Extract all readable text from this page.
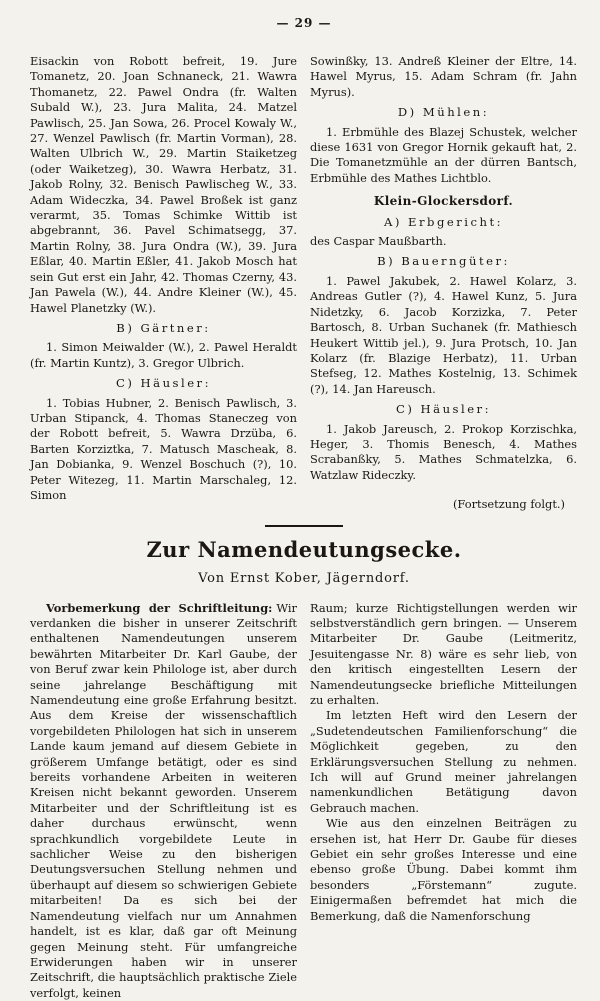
— 29 —

Eisackin von Robott befreit, 19. Jure Tomanetz, 20. Joan Schnaneck, 21. Wawra Thomanetz, 22. Pawel Ondra (fr. Walten Subald W.), 23. Jura Malita, 24. Matzel Pawlisch, 25. Jan Sowa, 26. Procel Kowaly W., 27. Wenzel Pawlisch (fr. Martin Vorman), 28. Walten Ulbrich W., 29. Martin Staiketzeg (oder Waiketzeg), 30. Wawra Herbatz, 31. Jakob Rolny, 32. Benisch Pawlischeg W., 33. Adam Wideczka, 34. Pawel Broßek ist ganz verarmt, 35. Tomas Schimke Wittib ist abgebrannt, 36. Pavel Schimatsegg, 37. Martin Rolny, 38. Jura Ondra (W.), 39. Jura Eßlar, 40. Martin Eßler, 41. Jakob Mosch hat sein Gut erst ein Jahr, 42. Thomas Czerny, 43. Jan Pawela (W.), 44. Andre Kleiner (W.), 45. Hawel Planetzky (W.).

B) Gärtner:

1. Simon Meiwalder (W.), 2. Pawel Heraldt (fr. Martin Kuntz), 3. Gregor Ulbrich.

C) Häusler:

1. Tobias Hubner, 2. Benisch Pawlisch, 3. Urban Stipanck, 4. Thomas Staneczeg von der Robott befreit, 5. Wawra Drzüba, 6. Barten Korziztka, 7. Matusch Mascheak, 8. Jan Dobianka, 9. Wenzel Boschuch (?), 10. Peter Witezeg, 11. Martin Marschaleg, 12. Simon

Sowinßky, 13. Andreß Kleiner der Eltre, 14. Hawel Myrus, 15. Adam Schram (fr. Jahn Myrus).

D) Mühlen:

1. Erbmühle des Blazej Schustek, welcher diese 1631 von Gregor Hornik gekauft hat, 2. Die Tomanetzmühle an der dürren Bantsch, Erbmühle des Mathes Lichtblo.

Klein-Glockersdorf.

A) Erbgericht:

des Caspar Maußbarth.

B) Bauerngüter:

1. Pawel Jakubek, 2. Hawel Kolarz, 3. Andreas Gutler (?), 4. Hawel Kunz, 5. Jura Nidetzky, 6. Jacob Korzizka, 7. Peter Bartosch, 8. Urban Suchanek (fr. Mathiesch Heukert Wittib jel.), 9. Jura Protsch, 10. Jan Kolarz (fr. Blazige Herbatz), 11. Urban Stefseg, 12. Mathes Kostelnig, 13. Schimek (?), 14. Jan Hareusch.

C) Häusler:

1. Jakob Jareusch, 2. Prokop Korzischka, Heger, 3. Thomis Benesch, 4. Mathes Scrabanßky, 5. Mathes Schmatelzka, 6. Watzlaw Rideczky.

(Fortsetzung folgt.)

Zur Namendeutungsecke.
Von Ernst Kober, Jägerndorf.

Vorbemerkung der Schriftleitung: Wir verdanken die bisher in unserer Zeitschrift enthaltenen Namendeutungen unserem bewährten Mitarbeiter Dr. Karl Gaube, der von Beruf zwar kein Philologe ist, aber durch seine jahrelange Beschäftigung mit Namendeutung eine große Erfahrung besitzt. Aus dem Kreise der wissenschaftlich vorgebildeten Philologen hat sich in unserem Lande kaum jemand auf diesem Gebiete in größerem Umfange betätigt, oder es sind bereits vorhandene Arbeiten in weiteren Kreisen nicht bekannt geworden. Unserem Mitarbeiter und der Schriftleitung ist es daher durchaus erwünscht, wenn sprachkundlich vorgebildete Leute in sachlicher Weise zu den bisherigen Deutungsversuchen Stellung nehmen und überhaupt auf diesem so schwierigen Gebiete mitarbeiten! Da es sich bei der Namendeutung vielfach nur um Annahmen handelt, ist es klar, daß gar oft Meinung gegen Meinung steht. Für umfangreiche Erwiderungen haben wir in unserer Zeitschrift, die hauptsächlich praktische Ziele verfolgt, keinen

Raum; kurze Richtigstellungen werden wir selbstverständlich gern bringen. — Unserem Mitarbeiter Dr. Gaube (Leitmeritz, Jesuitengasse Nr. 8) wäre es sehr lieb, von den kritisch eingestellten Lesern der Namendeutungsecke briefliche Mitteilungen zu erhalten.

Im letzten Heft wird den Lesern der „Sudetendeutschen Familienforschung“ die Möglichkeit gegeben, zu den Erklärungsversuchen Stellung zu nehmen. Ich will auf Grund meiner jahrelangen namenkundlichen Betätigung davon Gebrauch machen.

Wie aus den einzelnen Beiträgen zu ersehen ist, hat Herr Dr. Gaube für dieses Gebiet ein sehr großes Interesse und eine ebenso große Übung. Dabei kommt ihm besonders „Förstemann“ zugute. Einigermaßen befremdet hat mich die Bemerkung, daß die Namenforschung
